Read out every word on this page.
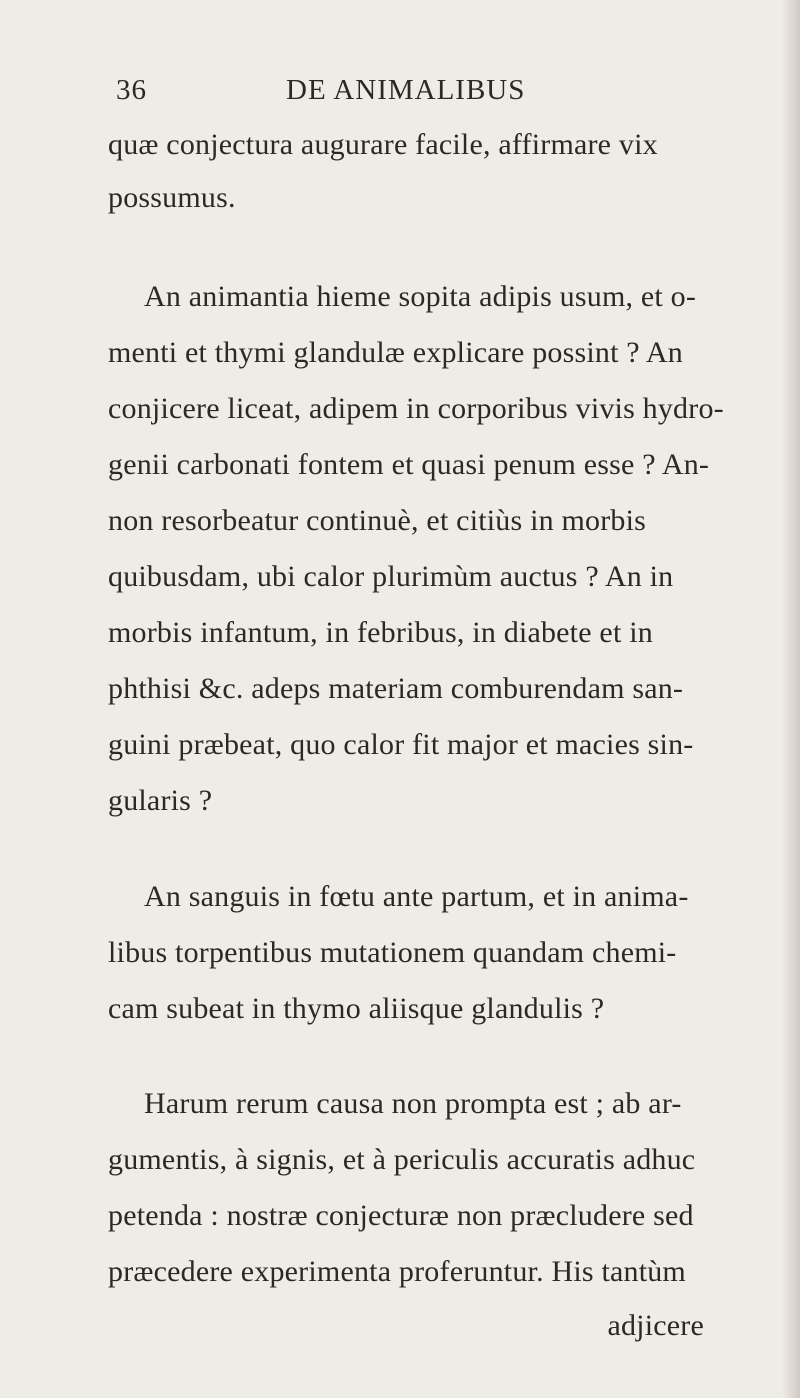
36	DE ANIMALIBUS
quæ conjectura augurare facile, affirmare vix
possumus.
An animantia hieme sopita adipis usum, et o-
menti et thymi glandulæ explicare possint ? An
conjicere liceat, adipem in corporibus vivis hydro-
genii carbonati fontem et quasi penum esse ? An-
non resorbeatur continuè, et citiùs in morbis
quibusdam, ubi calor plurimùm auctus ? An in
morbis infantum, in febribus, in diabete et in
phthisi &c. adeps materiam comburendam san-
guini præbeat, quo calor fit major et macies sin-
gularis ?
An sanguis in fœtu ante partum, et in anima-
libus torpentibus mutationem quandam chemi-
cam subeat in thymo aliisque glandulis ?
Harum rerum causa non prompta est ; ab ar-
gumentis, à signis, et à periculis accuratis adhuc
petenda : nostræ conjecturæ non præcludere sed
præcedere experimenta proferuntur. His tantùm
adjicere
